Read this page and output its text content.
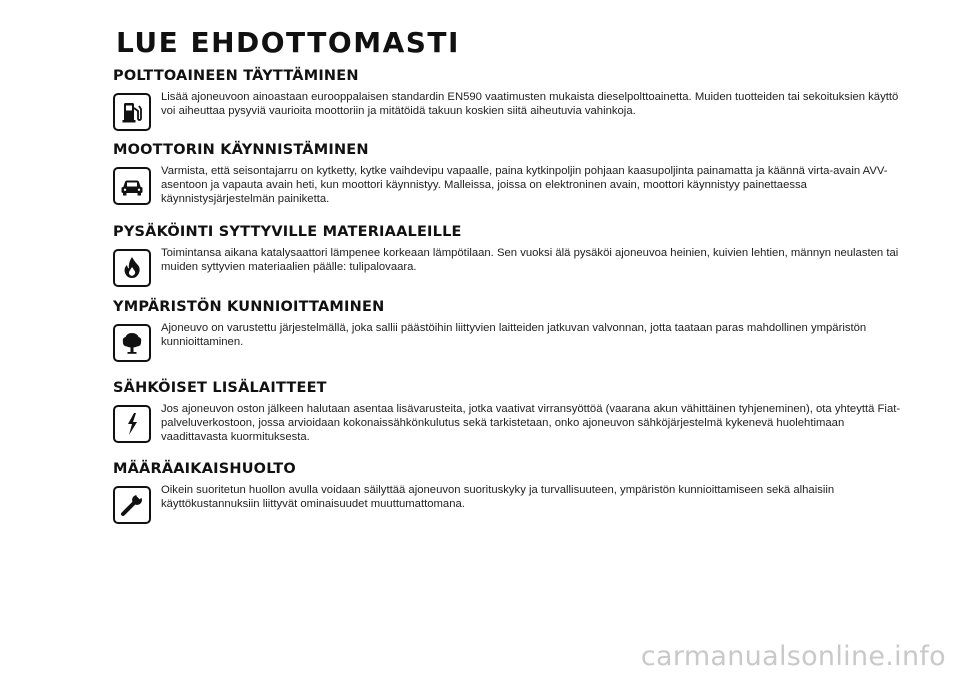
LUE EHDOTTOMASTI
POLTTOAINEEN TÄYTTÄMINEN
Lisää ajoneuvoon ainoastaan eurooppalaisen standardin EN590 vaatimusten mukaista dieselpolttoainetta. Muiden tuotteiden tai sekoituksien käyttö voi aiheuttaa pysyviä vaurioita moottoriin ja mitätöidä takuun koskien siitä aiheutuvia vahinkoja.
MOOTTORIN KÄYNNISTÄMINEN
Varmista, että seisontajarru on kytketty, kytke vaihdevipu vapaalle, paina kytkinpoljin pohjaan kaasupoljinta painamatta ja käännä virta-avain AVV-asentoon ja vapauta avain heti, kun moottori käynnistyy. Malleissa, joissa on elektroninen avain, moottori käynnistyy painettaessa käynnistysjärjestelmän painiketta.
PYSÄKÖINTI SYTTYVILLE MATERIAALEILLE
Toimintansa aikana katalysaattori lämpenee korkeaan lämpötilaan. Sen vuoksi älä pysäköi ajoneuvoa heinien, kuivien lehtien, männyn neulasten tai muiden syttyvien materiaalien päälle: tulipalovaara.
YMPÄRISTÖN KUNNIOITTAMINEN
Ajoneuvo on varustettu järjestelmällä, joka sallii päästöihin liittyvien laitteiden jatkuvan valvonnan, jotta taataan paras mahdollinen ympäristön kunnioittaminen.
SÄHKÖISET LISÄLAITTEET
Jos ajoneuvon oston jälkeen halutaan asentaa lisävarusteita, jotka vaativat virransyöttöä (vaarana akun vähittäinen tyhjeneminen), ota yhteyttä Fiat-palveluverkostoon, jossa arvioidaan kokonaissähkönkulutus sekä tarkistetaan, onko ajoneuvon sähköjärjestelmä kykenevä huolehtimaan vaadittavasta kuormituksesta.
MÄÄRÄAIKAISHUOLTO
Oikein suoritetun huollon avulla voidaan säilyttää ajoneuvon suorituskyky ja turvallisuuteen, ympäristön kunnioittamiseen sekä alhaisiin käyttökustannuksiin liittyvät ominaisuudet muuttumattomana.
carmanualsonline.info
